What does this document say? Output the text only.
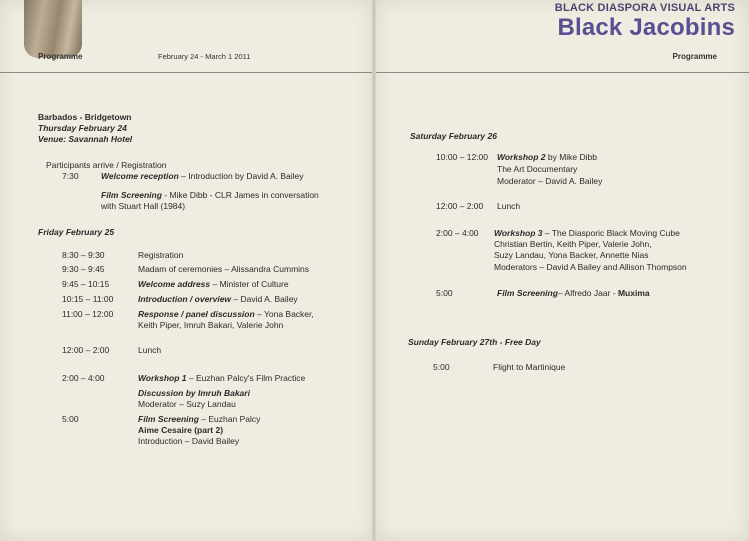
Programme	February 24 - March 1 2011
Barbados - Bridgetown
Thursday February 24
Venue: Savannah Hotel
Participants arrive / Registration
7:30	Welcome reception – Introduction by David A. Bailey
Film Screening - Mike Dibb - CLR James in conversation
with Stuart Hall (1984)
Friday February 25
8:30 – 9:30	Registration
9:30 – 9:45	Madam of ceremonies – Alissandra Cummins
9:45 – 10:15	Welcome address – Minister of Culture
10:15 – 11:00	Introduction / overview – David A. Bailey
11:00 – 12:00	Response / panel discussion – Yona Backer,
Keith Piper, Imruh Bakari, Valerie John
12:00 – 2:00	Lunch
2:00 – 4:00	Workshop 1 – Euzhan Palcy's Film Practice
Discussion by Imruh Bakari
Moderator – Suzy Landau
5:00	Film Screening – Euzhan Palcy
Aime Cesaire (part 2)
Introduction – David Bailey
BLACK DIASPORA VISUAL ARTS
Black Jacobins
Programme
Saturday February 26
10:00 – 12:00 Workshop 2 by Mike Dibb
The Art Documentary
Moderator – David A. Bailey
12:00 – 2:00 Lunch
2:00 – 4:00 Workshop 3 – The Diasporic Black Moving Cube
Christian Bertin, Keith Piper, Valerie John,
Suzy Landau, Yona Backer, Annette Nias
Moderators – David A Bailey and Allison Thompson
5:00	Film Screening– Alfredo Jaar - Muxima
Sunday February 27th - Free Day
5:00	Flight to Martinique
